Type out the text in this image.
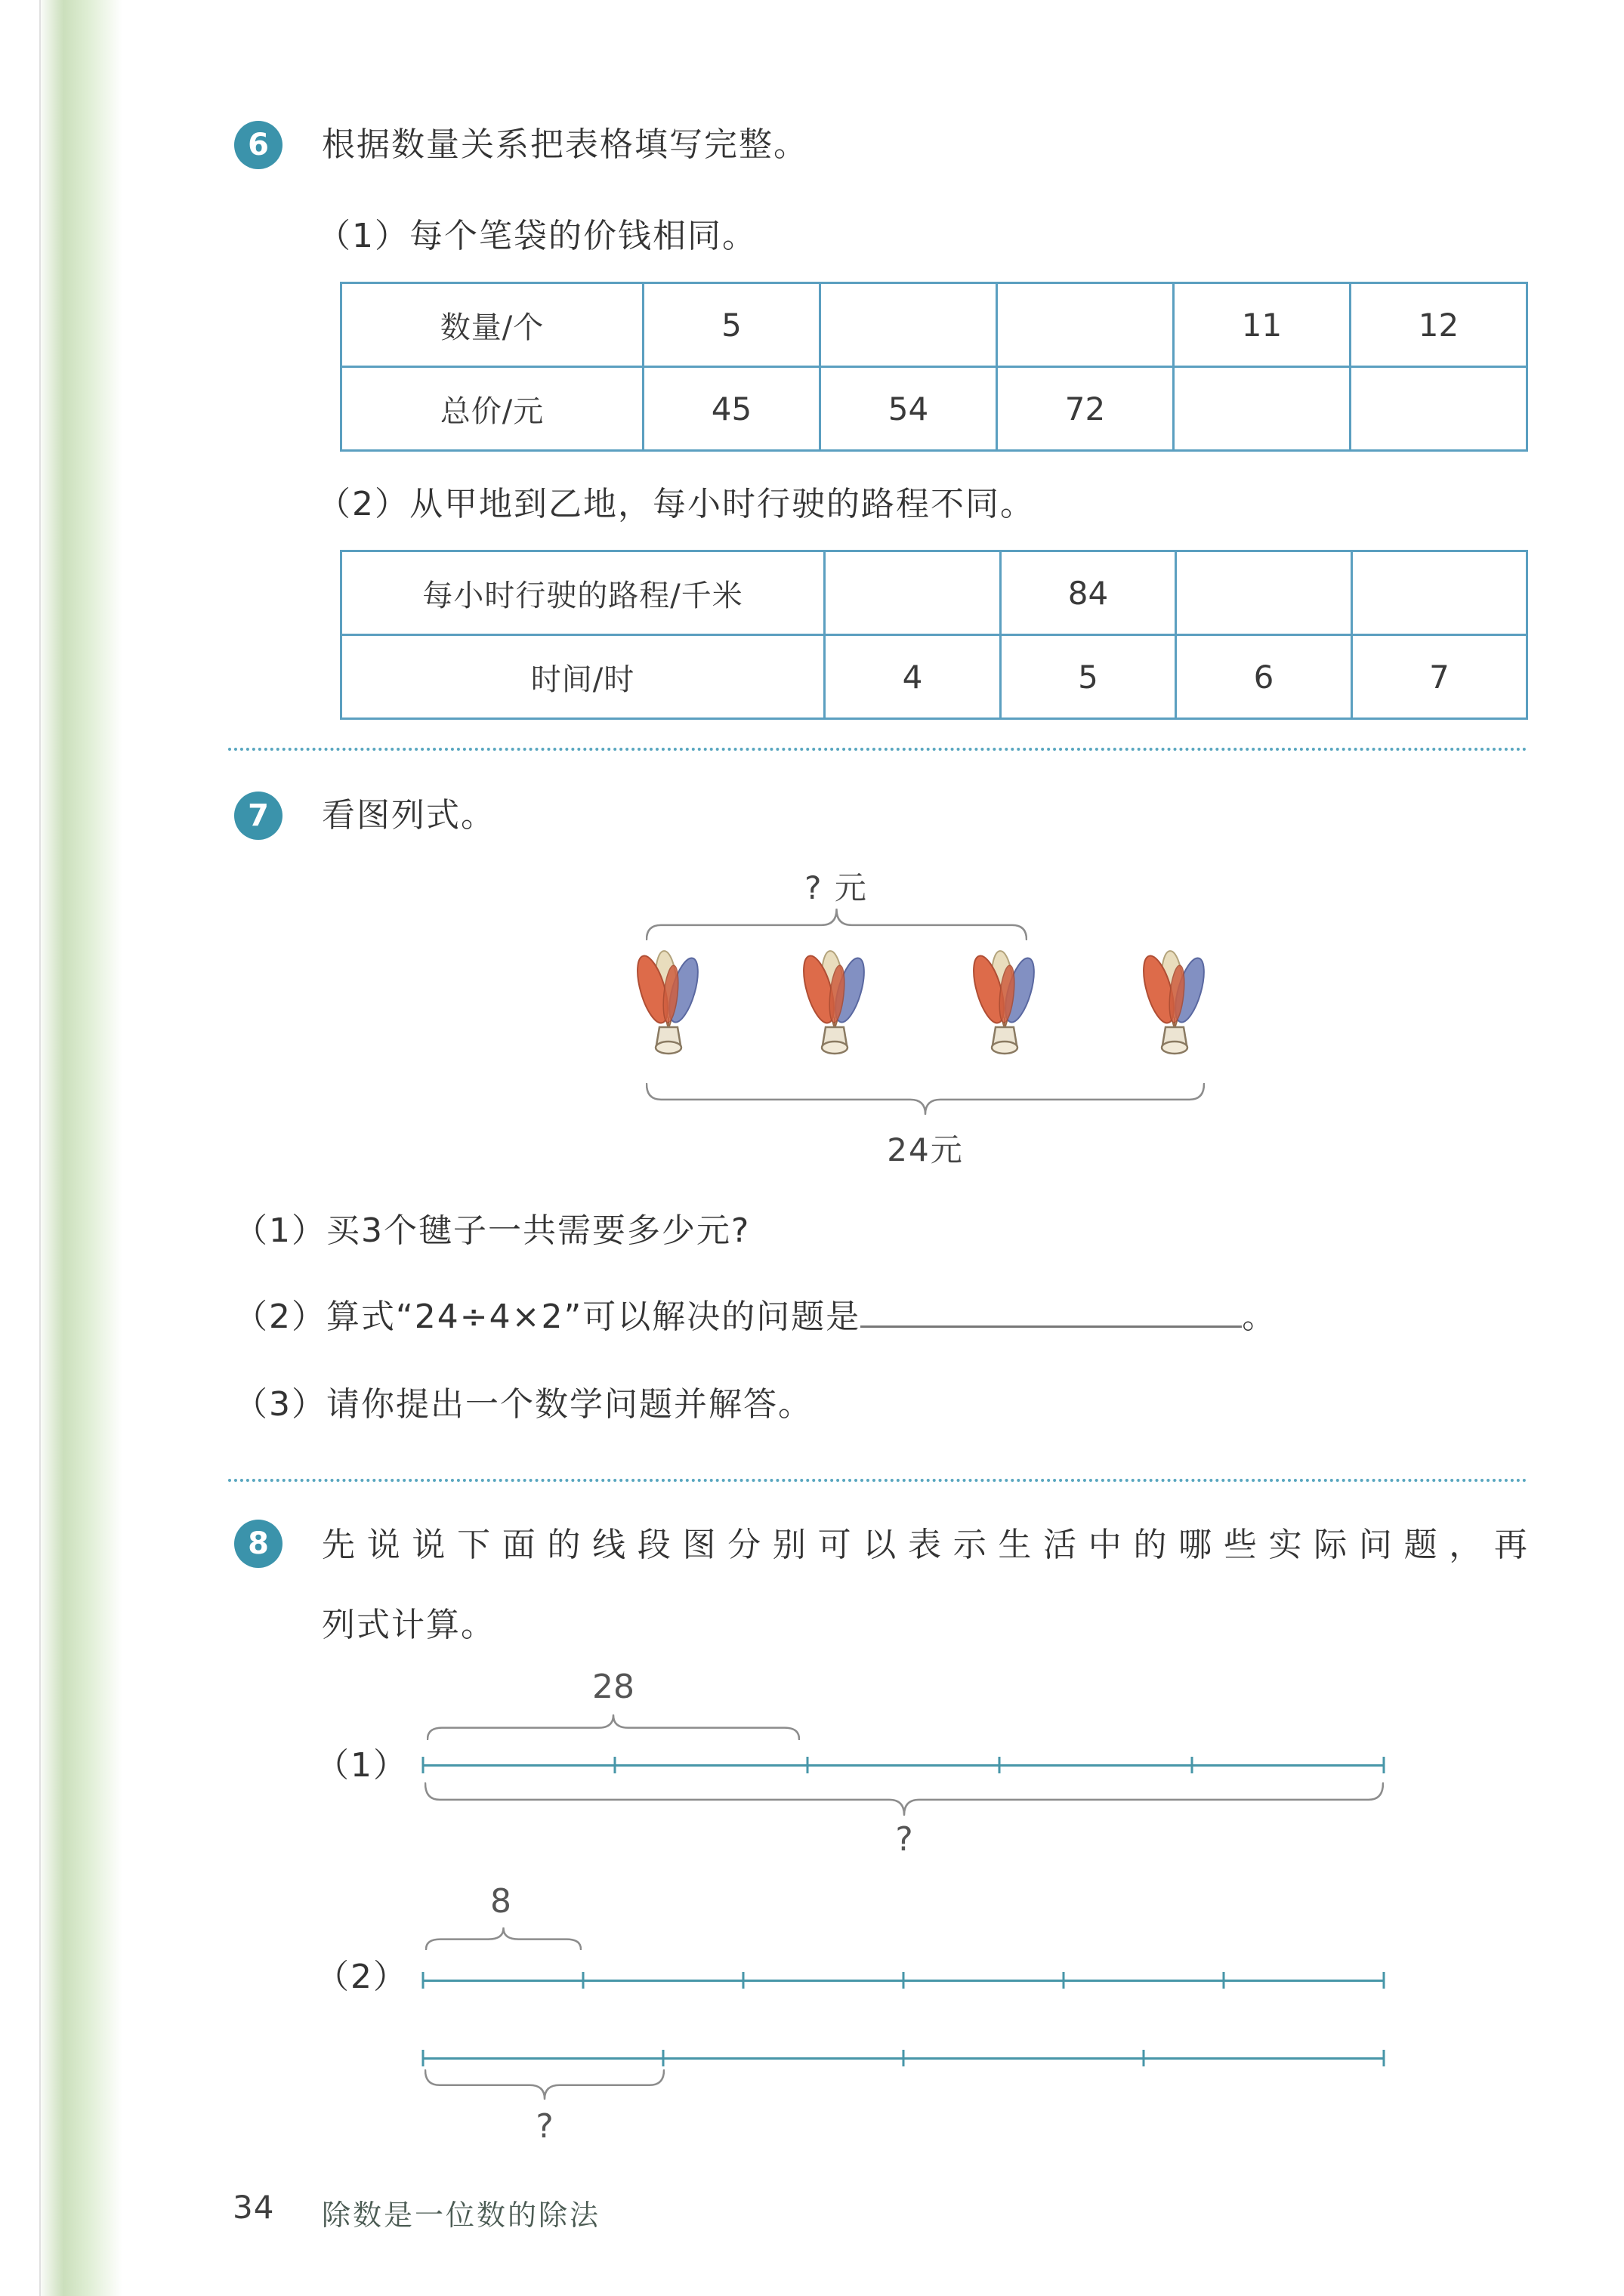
6 根据数量关系把表格填写完整。
（1）每个笔袋的价钱相同。
数量/个	5			11	12
总价/元	45	54	72		
（2）从甲地到乙地，每小时行驶的路程不同。
每小时行驶的路程/千米		84		
时间/时	4	5	6	7
7 看图列式。
? 元
24元
（1）买3个毽子一共需要多少元?
（2）算式“24÷4×2”可以解决的问题是	。
（3）请你提出一个数学问题并解答。
8 先说说下面的线段图分别可以表示生活中的哪些实际问题，再
列式计算。
28
（1）
?
8
（2）
?
34 除数是一位数的除法
